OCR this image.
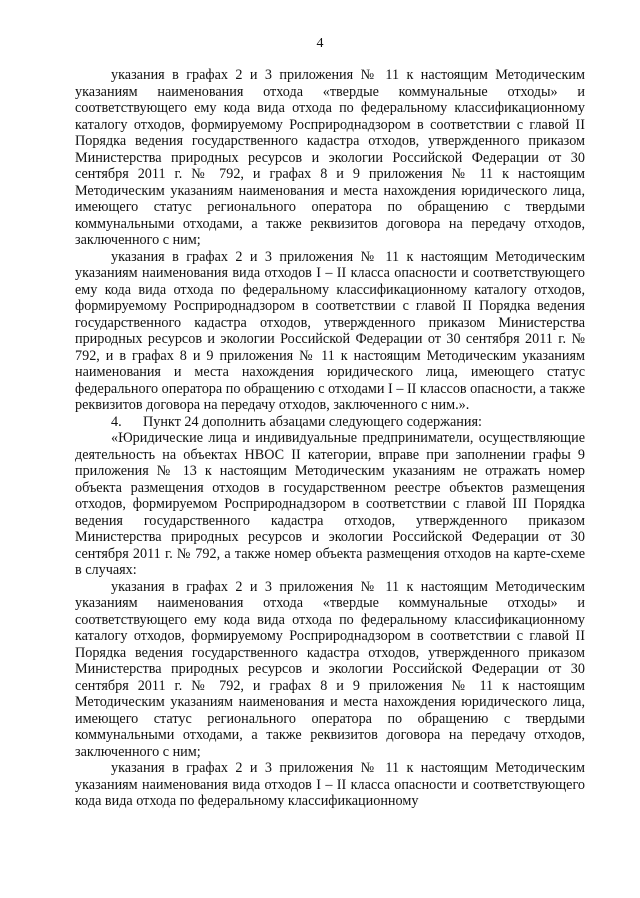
4

указания в графах 2 и 3 приложения № 11 к настоящим Методическим указаниям наименования отхода «твердые коммунальные отходы» и соответствующего ему кода вида отхода по федеральному классификационному каталогу отходов, формируемому Росприроднадзором в соответствии с главой II Порядка ведения государственного кадастра отходов, утвержденного приказом Министерства природных ресурсов и экологии Российской Федерации от 30 сентября 2011 г. № 792, и графах 8 и 9 приложения № 11 к настоящим Методическим указаниям наименования и места нахождения юридического лица, имеющего статус регионального оператора по обращению с твердыми коммунальными отходами, а также реквизитов договора на передачу отходов, заключенного с ним;

указания в графах 2 и 3 приложения № 11 к настоящим Методическим указаниям наименования вида отходов I – II класса опасности и соответствующего ему кода вида отхода по федеральному классификационному каталогу отходов, формируемому Росприроднадзором в соответствии с главой II Порядка ведения государственного кадастра отходов, утвержденного приказом Министерства природных ресурсов и экологии Российской Федерации от 30 сентября 2011 г. № 792, и в графах 8 и 9 приложения № 11 к настоящим Методическим указаниям наименования и места нахождения юридического лица, имеющего статус федерального оператора по обращению с отходами I – II классов опасности, а также реквизитов договора на передачу отходов, заключенного с ним.».

4. Пункт 24 дополнить абзацами следующего содержания:

«Юридические лица и индивидуальные предприниматели, осуществляющие деятельность на объектах НВОС II категории, вправе при заполнении графы 9 приложения № 13 к настоящим Методическим указаниям не отражать номер объекта размещения отходов в государственном реестре объектов размещения отходов, формируемом Росприроднадзором в соответствии с главой III Порядка ведения государственного кадастра отходов, утвержденного приказом Министерства природных ресурсов и экологии Российской Федерации от 30 сентября 2011 г. № 792, а также номер объекта размещения отходов на карте-схеме в случаях:

указания в графах 2 и 3 приложения № 11 к настоящим Методическим указаниям наименования отхода «твердые коммунальные отходы» и соответствующего ему кода вида отхода по федеральному классификационному каталогу отходов, формируемому Росприроднадзором в соответствии с главой II Порядка ведения государственного кадастра отходов, утвержденного приказом Министерства природных ресурсов и экологии Российской Федерации от 30 сентября 2011 г. № 792, и графах 8 и 9 приложения № 11 к настоящим Методическим указаниям наименования и места нахождения юридического лица, имеющего статус регионального оператора по обращению с твердыми коммунальными отходами, а также реквизитов договора на передачу отходов, заключенного с ним;

указания в графах 2 и 3 приложения № 11 к настоящим Методическим указаниям наименования вида отходов I – II класса опасности и соответствующего кода вида отхода по федеральному классификационному
